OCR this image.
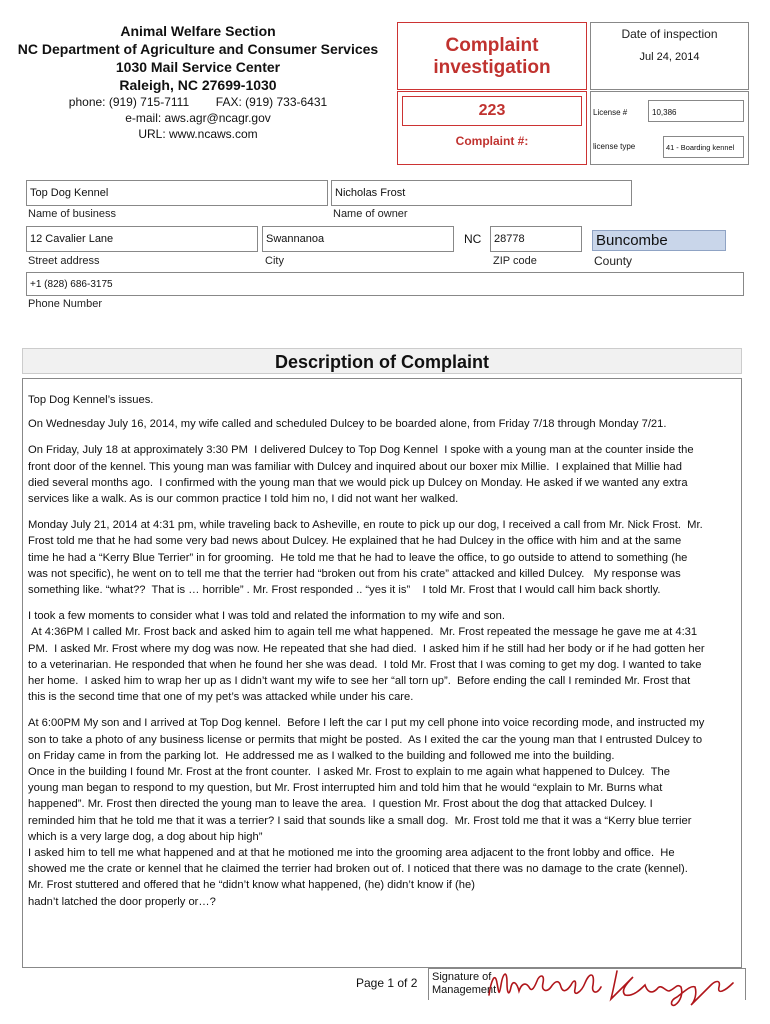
Animal Welfare Section
NC Department of Agriculture and Consumer Services
1030 Mail Service Center
Raleigh, NC 27699-1030
phone: (919) 715-7111 FAX: (919) 733-6431
e-mail: aws.agr@ncagr.gov
URL: www.ncaws.com
Complaint
investigation
223
Complaint #:
Date of inspection
Jul 24, 2014
License #	10,386
license type	41 - Boarding kennel
Top Dog Kennel
Name of business
Nicholas Frost
Name of owner
12 Cavalier Lane
Street address
Swannanoa
City
NC	28778
ZIP code
Buncombe
County
+1 (828) 686-3175
Phone Number
Description of Complaint

Top Dog Kennel’s issues.

On Wednesday July 16, 2014, my wife called and scheduled Dulcey to be boarded alone, from Friday 7/18 through Monday 7/21.

On Friday, July 18 at approximately 3:30 PM  I delivered Dulcey to Top Dog Kennel  I spoke with a young man at the counter inside the
front door of the kennel. This young man was familiar with Dulcey and inquired about our boxer mix Millie.  I explained that Millie had
died several months ago.  I confirmed with the young man that we would pick up Dulcey on Monday. He asked if we wanted any extra
services like a walk. As is our common practice I told him no, I did not want her walked.

Monday July 21, 2014 at 4:31 pm, while traveling back to Asheville, en route to pick up our dog, I received a call from Mr. Nick Frost.  Mr.
Frost told me that he had some very bad news about Dulcey. He explained that he had Dulcey in the office with him and at the same
time he had a “Kerry Blue Terrier” in for grooming.  He told me that he had to leave the office, to go outside to attend to something (he
was not specific), he went on to tell me that the terrier had “broken out from his crate” attacked and killed Dulcey.   My response was
something like. “what??  That is … horrible” . Mr. Frost responded .. “yes it is”    I told Mr. Frost that I would call him back shortly.

I took a few moments to consider what I was told and related the information to my wife and son.
At 4:36PM I called Mr. Frost back and asked him to again tell me what happened.  Mr. Frost repeated the message he gave me at 4:31
PM.  I asked Mr. Frost where my dog was now. He repeated that she had died.  I asked him if he still had her body or if he had gotten her
to a veterinarian. He responded that when he found her she was dead.  I told Mr. Frost that I was coming to get my dog. I wanted to take
her home.  I asked him to wrap her up as I didn’t want my wife to see her “all torn up”.  Before ending the call I reminded Mr. Frost that
this is the second time that one of my pet’s was attacked while under his care.

At 6:00PM My son and I arrived at Top Dog kennel.  Before I left the car I put my cell phone into voice recording mode, and instructed my
son to take a photo of any business license or permits that might be posted.  As I exited the car the young man that I entrusted Dulcey to
on Friday came in from the parking lot.  He addressed me as I walked to the building and followed me into the building.
Once in the building I found Mr. Frost at the front counter.  I asked Mr. Frost to explain to me again what happened to Dulcey.  The
young man began to respond to my question, but Mr. Frost interrupted him and told him that he would “explain to Mr. Burns what
happened”. Mr. Frost then directed the young man to leave the area.  I question Mr. Frost about the dog that attacked Dulcey. I
reminded him that he told me that it was a terrier? I said that sounds like a small dog.  Mr. Frost told me that it was a “Kerry blue terrier
which is a very large dog, a dog about hip high”
I asked him to tell me what happened and at that he motioned me into the grooming area adjacent to the front lobby and office.  He
showed me the crate or kennel that he claimed the terrier had broken out of. I noticed that there was no damage to the crate (kennel).
Mr. Frost stuttered and offered that he “didn’t know what happened, (he) didn’t know if (he)
hadn’t latched the door properly or…?

Page 1 of 2 Signature of
Management
